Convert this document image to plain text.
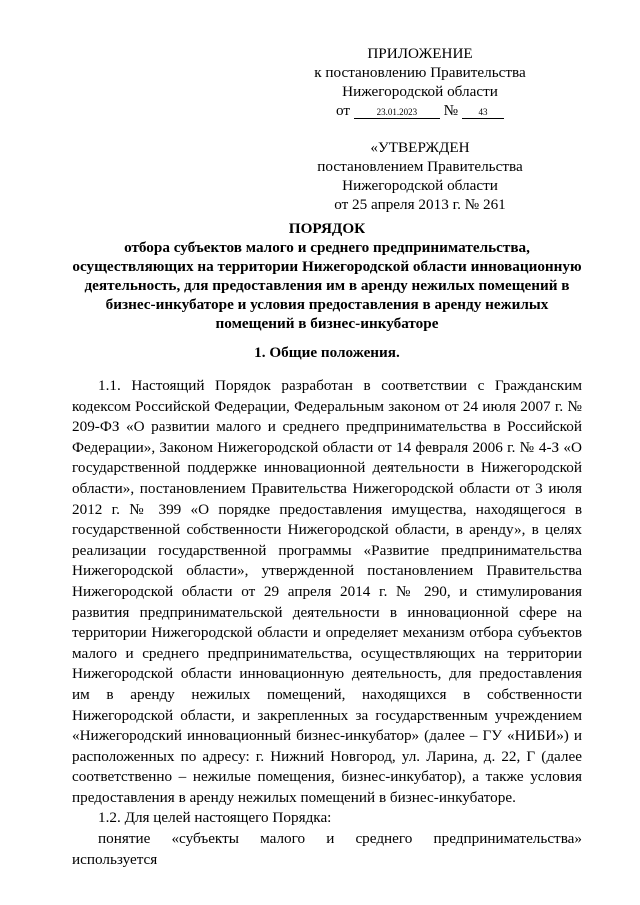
ПРИЛОЖЕНИЕ
к постановлению Правительства
Нижегородской области
от	23.01.2023 № 43
«УТВЕРЖДЕН
постановлением Правительства
Нижегородской области
от 25 апреля 2013 г. № 261
ПОРЯДОК
отбора субъектов малого и среднего предпринимательства, осуществляющих на территории Нижегородской области инновационную деятельность, для предоставления им в аренду нежилых помещений в бизнес-инкубаторе и условия предоставления в аренду нежилых помещений в бизнес-инкубаторе
1. Общие положения.

1.1. Настоящий Порядок разработан в соответствии с Гражданским кодексом Российской Федерации, Федеральным законом от 24 июля 2007 г. № 209-ФЗ «О развитии малого и среднего предпринимательства в Российской Федерации», Законом Нижегородской области от 14 февраля 2006 г. № 4-З «О государственной поддержке инновационной деятельности в Нижегородской области», постановлением Правительства Нижегородской области от 3 июля 2012 г. № 399 «О порядке предоставления имущества, находящегося в государственной собственности Нижегородской области, в аренду», в целях реализации государственной программы «Развитие предпринимательства Нижегородской области», утвержденной постановлением Правительства Нижегородской области от 29 апреля 2014 г. № 290, и стимулирования развития предпринимательской деятельности в инновационной сфере на территории Нижегородской области и определяет механизм отбора субъектов малого и среднего предпринимательства, осуществляющих на территории Нижегородской области инновационную деятельность, для предоставления им в аренду нежилых помещений, находящихся в собственности Нижегородской области, и закрепленных за государственным учреждением «Нижегородский инновационный бизнес-инкубатор» (далее – ГУ «НИБИ») и расположенных по адресу: г. Нижний Новгород, ул. Ларина, д. 22, Г (далее соответственно – нежилые помещения, бизнес-инкубатор), а также условия предоставления в аренду нежилых помещений в бизнес-инкубаторе.

1.2. Для целей настоящего Порядка:

понятие «субъекты малого и среднего предпринимательства» используется
